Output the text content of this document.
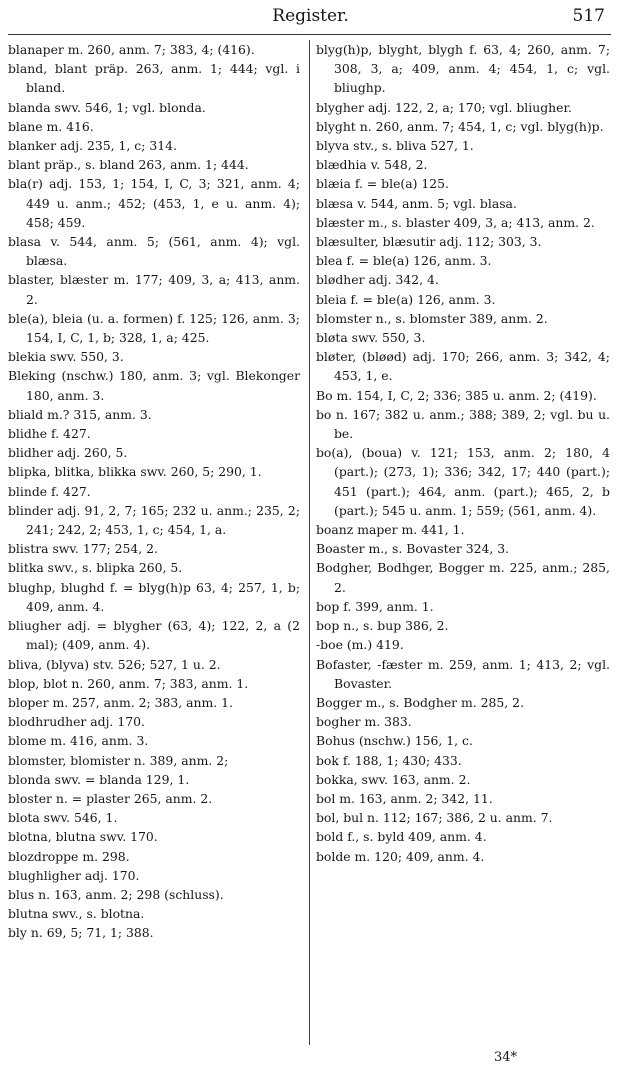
Register.	517
blanaper m. 260, anm. 7; 383, 4; (416).
bland, blant präp. 263, anm. 1; 444; vgl. i bland.
blanda swv. 546, 1; vgl. blonda.
blane m. 416.
blanker adj. 235, 1, c; 314.
blant präp., s. bland 263, anm. 1; 444.
bla(r) adj. 153, 1; 154, I, C, 3; 321, anm. 4; 449 u. anm.; 452; (453, 1, e u. anm. 4); 458; 459.
blasa v. 544, anm. 5; (561, anm. 4); vgl. blæsa.
blaster, blæster m. 177; 409, 3, a; 413, anm. 2.
ble(a), bleia (u. a. formen) f. 125; 126, anm. 3; 154, I, C, 1, b; 328, 1, a; 425.
blekia swv. 550, 3.
Bleking (nschw.) 180, anm. 3; vgl. Blekonger 180, anm. 3.
bliald m.? 315, anm. 3.
blidhe f. 427.
blidher adj. 260, 5.
blipka, blitka, blikka swv. 260, 5; 290, 1.
blinde f. 427.
blinder adj. 91, 2, 7; 165; 232 u. anm.; 235, 2; 241; 242, 2; 453, 1, c; 454, 1, a.
blistra swv. 177; 254, 2.
blitka swv., s. blipka 260, 5.
blughp, blughd f. = blyg(h)p 63, 4; 257, 1, b; 409, anm. 4.
bliugher adj. = blygher (63, 4); 122, 2, a (2 mal); (409, anm. 4).
bliva, (blyva) stv. 526; 527, 1 u. 2.
blop, blot n. 260, anm. 7; 383, anm. 1.
bloper m. 257, anm. 2; 383, anm. 1.
blodhrudher adj. 170.
blome m. 416, anm. 3.
blomster, blomister n. 389, anm. 2;
blonda swv. = blanda 129, 1.
bloster n. = plaster 265, anm. 2.
blota swv. 546, 1.
blotna, blutna swv. 170.
blozdroppe m. 298.
blughligher adj. 170.
blus n. 163, anm. 2; 298 (schluss).
blutna swv., s. blotna.
bly n. 69, 5; 71, 1; 388.
blyg(h)p, blyght, blygh f. 63, 4; 260, anm. 7; 308, 3, a; 409, anm. 4; 454, 1, c; vgl. bliughp.
blygher adj. 122, 2, a; 170; vgl. bliugher.
blyght n. 260, anm. 7; 454, 1, c; vgl. blyg(h)p.
blyva stv., s. bliva 527, 1.
blædhia v. 548, 2.
blæia f. = ble(a) 125.
blæsa v. 544, anm. 5; vgl. blasa.
blæster m., s. blaster 409, 3, a; 413, anm. 2.
blæsulter, blæsutir adj. 112; 303, 3.
blea f. = ble(a) 126, anm. 3.
blødher adj. 342, 4.
bleia f. = ble(a) 126, anm. 3.
blomster n., s. blomster 389, anm. 2.
bløta swv. 550, 3.
bløter, (bløød) adj. 170; 266, anm. 3; 342, 4; 453, 1, e.
Bo m. 154, I, C, 2; 336; 385 u. anm. 2; (419).
bo n. 167; 382 u. anm.; 388; 389, 2; vgl. bu u. be.
bo(a), (boua) v. 121; 153, anm. 2; 180, 4 (part.); (273, 1); 336; 342, 17; 440 (part.); 451 (part.); 464, anm. (part.); 465, 2, b (part.); 545 u. anm. 1; 559; (561, anm. 4).
boanz maper m. 441, 1.
Boaster m., s. Bovaster 324, 3.
Bodgher, Bodhger, Bogger m. 225, anm.; 285, 2.
bop f. 399, anm. 1.
bop n., s. bup 386, 2.
-boe (m.) 419.
Bofaster, -fæster m. 259, anm. 1; 413, 2; vgl. Bovaster.
Bogger m., s. Bodgher m. 285, 2.
bogher m. 383.
Bohus (nschw.) 156, 1, c.
bok f. 188, 1; 430; 433.
bokka, swv. 163, anm. 2.
bol m. 163, anm. 2; 342, 11.
bol, bul n. 112; 167; 386, 2 u. anm. 7.
bold f., s. byld 409, anm. 4.
bolde m. 120; 409, anm. 4.
34*
